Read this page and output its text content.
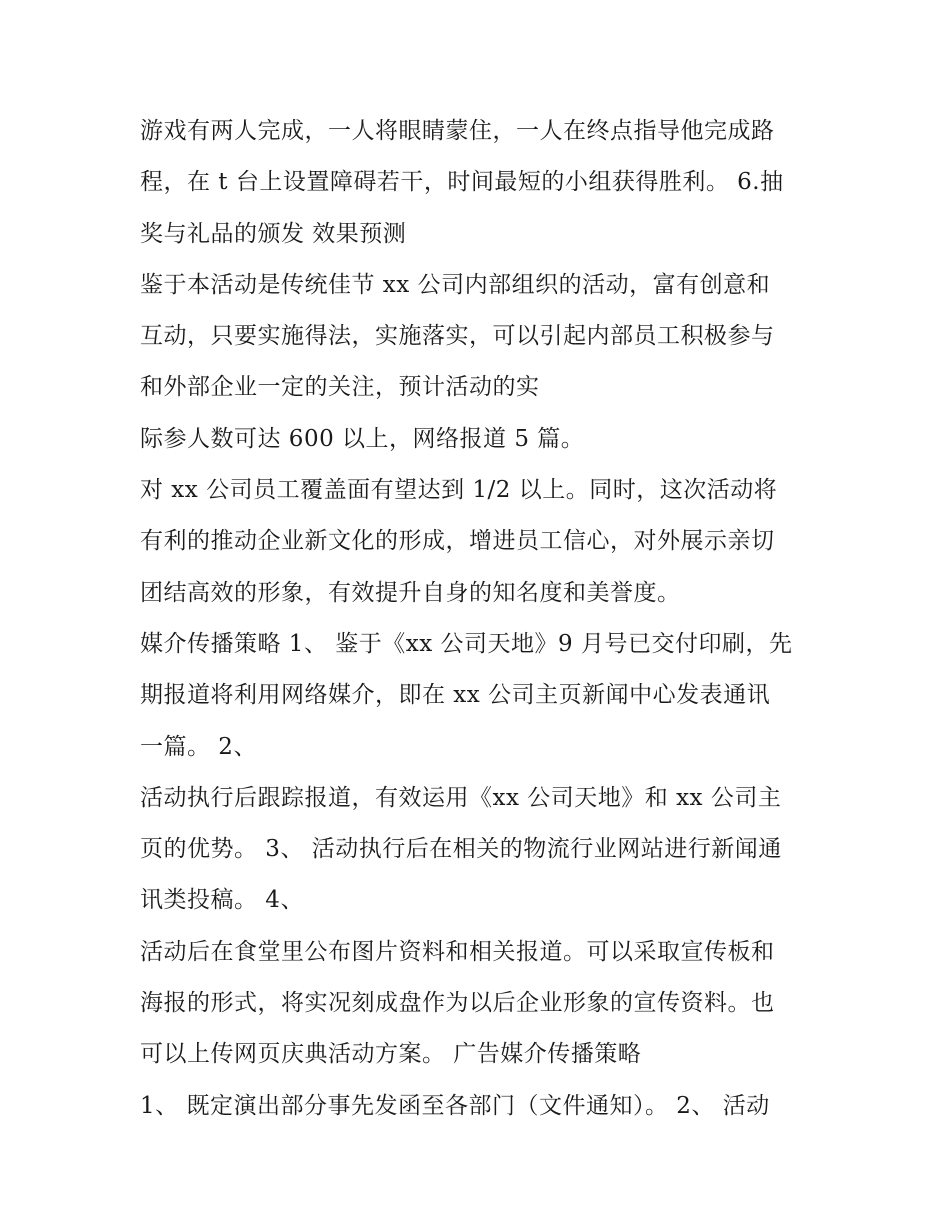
游戏有两人完成，一人将眼睛蒙住，一人在终点指导他完成路
程，在 t 台上设置障碍若干，时间最短的小组获得胜利。 6.抽
奖与礼品的颁发 效果预测
鉴于本活动是传统佳节 xx 公司内部组织的活动，富有创意和
互动，只要实施得法，实施落实，可以引起内部员工积极参与
和外部企业一定的关注，预计活动的实
际参人数可达 600 以上，网络报道 5 篇。
对 xx 公司员工覆盖面有望达到 1/2 以上。同时，这次活动将
有利的推动企业新文化的形成，增进员工信心，对外展示亲切
团结高效的形象，有效提升自身的知名度和美誉度。
媒介传播策略 1、 鉴于《xx 公司天地》9 月号已交付印刷，先
期报道将利用网络媒介，即在 xx 公司主页新闻中心发表通讯
一篇。 2、
活动执行后跟踪报道，有效运用《xx 公司天地》和 xx 公司主
页的优势。 3、 活动执行后在相关的物流行业网站进行新闻通
讯类投稿。 4、
活动后在食堂里公布图片资料和相关报道。可以采取宣传板和
海报的形式，将实况刻成盘作为以后企业形象的宣传资料。也
可以上传网页庆典活动方案。 广告媒介传播策略
1、 既定演出部分事先发函至各部门（文件通知）。 2、 活动
